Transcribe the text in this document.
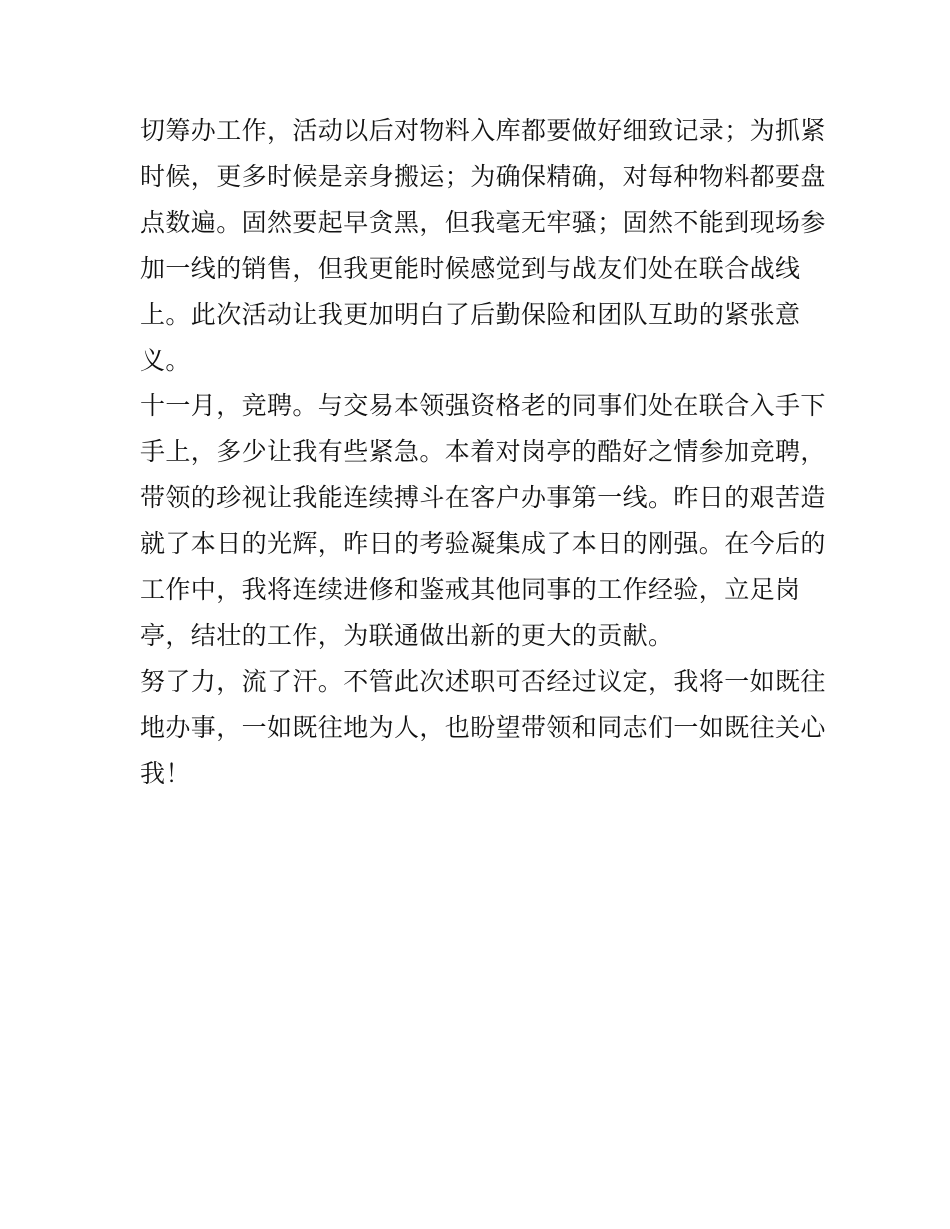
切筹办工作，活动以后对物料入库都要做好细致记录；为抓紧
时候，更多时候是亲身搬运；为确保精确，对每种物料都要盘
点数遍。固然要起早贪黑，但我毫无牢骚；固然不能到现场参
加一线的销售，但我更能时候感觉到与战友们处在联合战线
上。此次活动让我更加明白了后勤保险和团队互助的紧张意
义。
十一月，竞聘。与交易本领强资格老的同事们处在联合入手下
手上，多少让我有些紧急。本着对岗亭的酷好之情参加竞聘，
带领的珍视让我能连续搏斗在客户办事第一线。昨日的艰苦造
就了本日的光辉，昨日的考验凝集成了本日的刚强。在今后的
工作中，我将连续进修和鉴戒其他同事的工作经验，立足岗
亭，结壮的工作，为联通做出新的更大的贡献。
努了力，流了汗。不管此次述职可否经过议定，我将一如既往
地办事，一如既往地为人，也盼望带领和同志们一如既往关心
我！
